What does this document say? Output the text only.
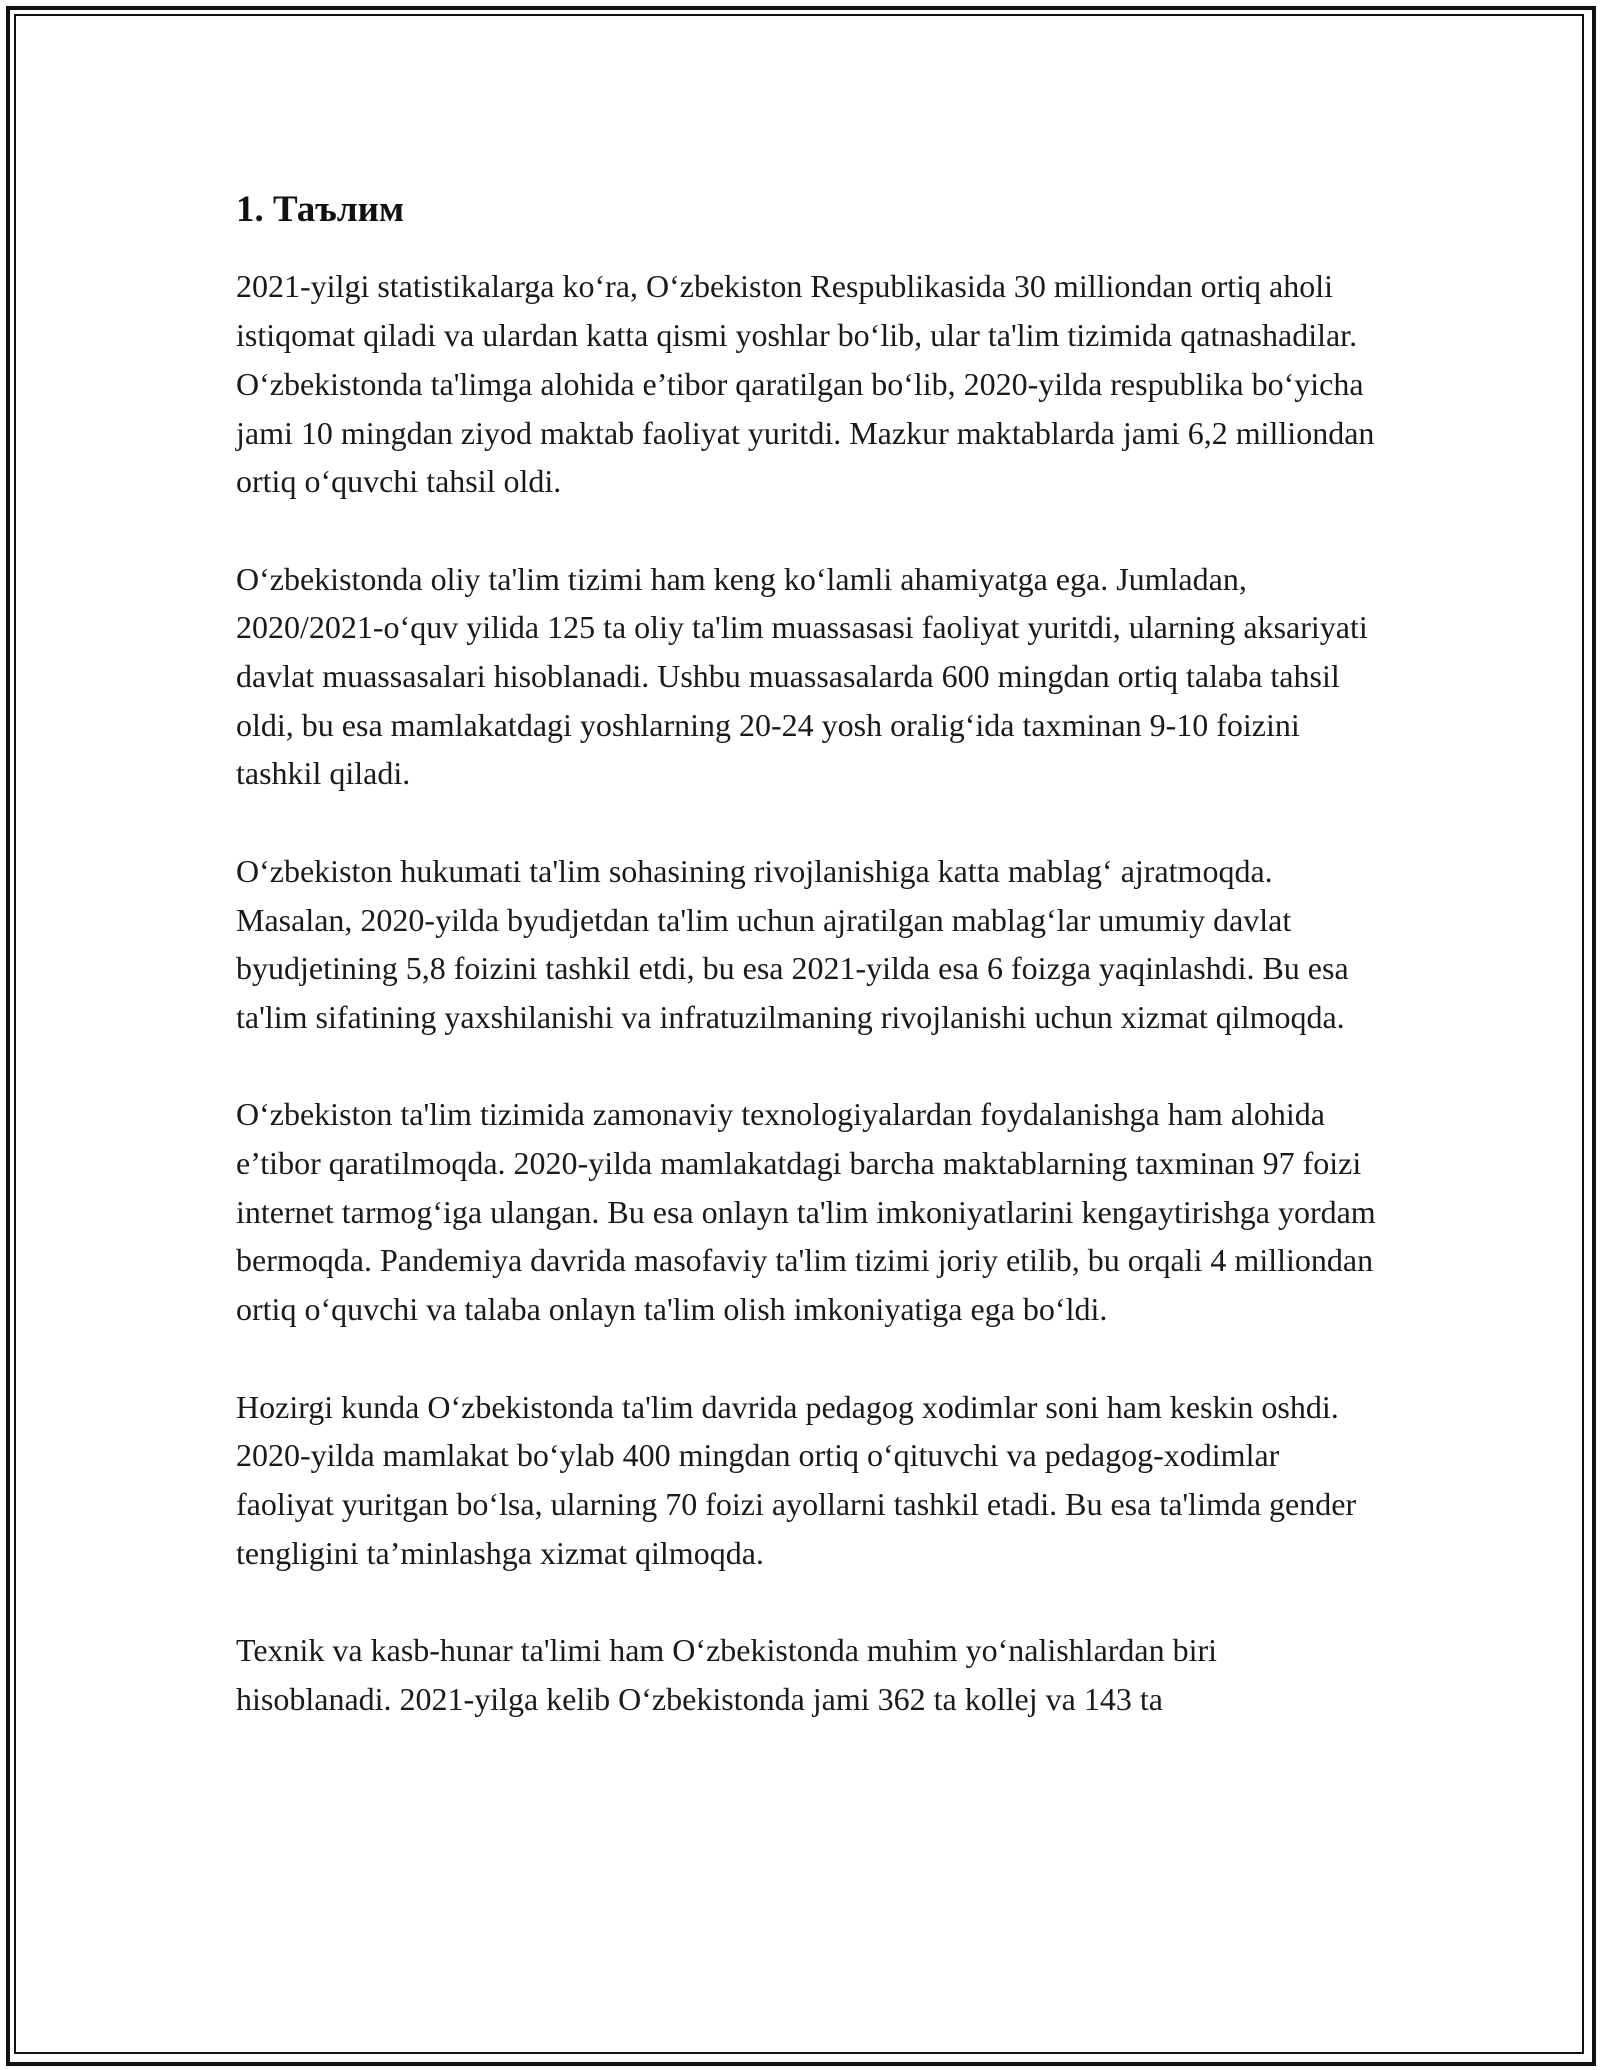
1. Таълим

2021-yilgi statistikalarga koʻra, Oʻzbekiston Respublikasida 30 milliondan ortiq aholi istiqomat qiladi va ulardan katta qismi yoshlar boʻlib, ular ta'lim tizimida qatnashadilar. Oʻzbekistonda ta'limga alohida e’tibor qaratilgan boʻlib, 2020-yilda respublika boʻyicha jami 10 mingdan ziyod maktab faoliyat yuritdi. Mazkur maktablarda jami 6,2 milliondan ortiq oʻquvchi tahsil oldi.

Oʻzbekistonda oliy ta'lim tizimi ham keng koʻlamli ahamiyatga ega. Jumladan, 2020/2021-oʻquv yilida 125 ta oliy ta'lim muassasasi faoliyat yuritdi, ularning aksariyati davlat muassasalari hisoblanadi. Ushbu muassasalarda 600 mingdan ortiq talaba tahsil oldi, bu esa mamlakatdagi yoshlarning 20-24 yosh oraligʻida taxminan 9-10 foizini tashkil qiladi.

Oʻzbekiston hukumati ta'lim sohasining rivojlanishiga katta mablagʻ ajratmoqda. Masalan, 2020-yilda byudjetdan ta'lim uchun ajratilgan mablagʻlar umumiy davlat byudjetining 5,8 foizini tashkil etdi, bu esa 2021-yilda esa 6 foizga yaqinlashdi. Bu esa ta'lim sifatining yaxshilanishi va infratuzilmaning rivojlanishi uchun xizmat qilmoqda.

Oʻzbekiston ta'lim tizimida zamonaviy texnologiyalardan foydalanishga ham alohida e’tibor qaratilmoqda. 2020-yilda mamlakatdagi barcha maktablarning taxminan 97 foizi internet tarmogʻiga ulangan. Bu esa onlayn ta'lim imkoniyatlarini kengaytirishga yordam bermoqda. Pandemiya davrida masofaviy ta'lim tizimi joriy etilib, bu orqali 4 milliondan ortiq oʻquvchi va talaba onlayn ta'lim olish imkoniyatiga ega boʻldi.

Hozirgi kunda Oʻzbekistonda ta'lim davrida pedagog xodimlar soni ham keskin oshdi. 2020-yilda mamlakat boʻylab 400 mingdan ortiq oʻqituvchi va pedagog-xodimlar faoliyat yuritgan boʻlsa, ularning 70 foizi ayollarni tashkil etadi. Bu esa ta'limda gender tengligini ta’minlashga xizmat qilmoqda.

Texnik va kasb-hunar ta'limi ham Oʻzbekistonda muhim yoʻnalishlardan biri hisoblanadi. 2021-yilga kelib Oʻzbekistonda jami 362 ta kollej va 143 ta
